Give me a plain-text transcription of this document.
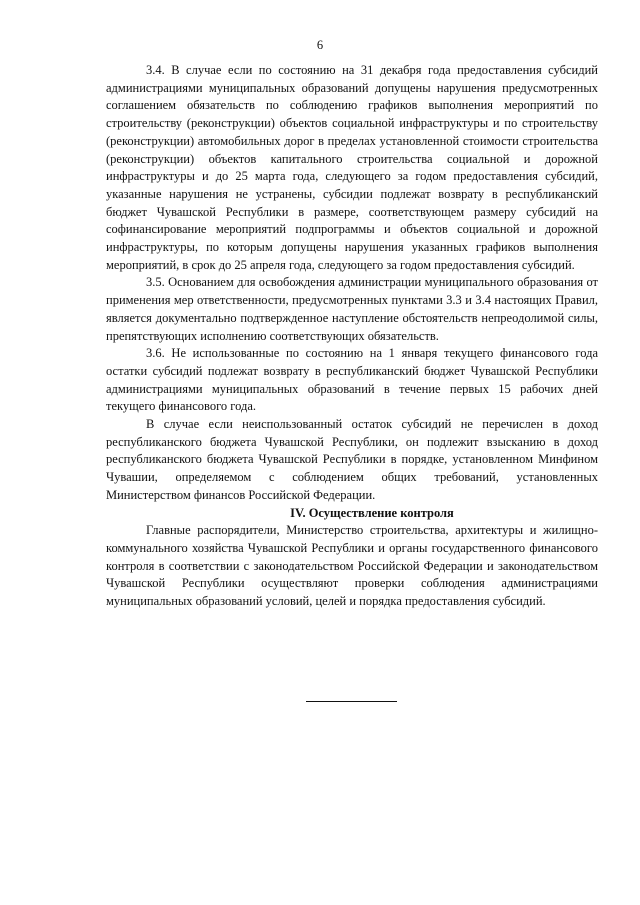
6

3.4. В случае если по состоянию на 31 декабря года предоставления субсидий администрациями муниципальных образований допущены нарушения предусмотренных соглашением обязательств по соблюдению графиков выполнения мероприятий по строительству (реконструкции) объектов социальной инфраструктуры и по строительству (реконструкции) автомобильных дорог в пределах установленной стоимости строительства (реконструкции) объектов капитального строительства социальной и дорожной инфраструктуры и до 25 марта года, следующего за годом предоставления субсидий, указанные нарушения не устранены, субсидии подлежат возврату в республиканский бюджет Чувашской Республики в размере, соответствующем размеру субсидий на софинансирование мероприятий подпрограммы и объектов социальной и дорожной инфраструктуры, по которым допущены нарушения указанных графиков выполнения мероприятий, в срок до 25 апреля года, следующего за годом предоставления субсидий.

3.5. Основанием для освобождения администрации муниципального образования от применения мер ответственности, предусмотренных пунктами 3.3 и 3.4 настоящих Правил, является документально подтвержденное наступление обстоятельств непреодолимой силы, препятствующих исполнению соответствующих обязательств.

3.6. Не использованные по состоянию на 1 января текущего финансового года остатки субсидий подлежат возврату в республиканский бюджет Чувашской Республики администрациями муниципальных образований в течение первых 15 рабочих дней текущего финансового года.

В случае если неиспользованный остаток субсидий не перечислен в доход республиканского бюджета Чувашской Республики, он подлежит взысканию в доход республиканского бюджета Чувашской Республики в порядке, установленном Минфином Чувашии, определяемом с соблюдением общих требований, установленных Министерством финансов Российской Федерации.

IV. Осуществление контроля

Главные распорядители, Министерство строительства, архитектуры и жилищно-коммунального хозяйства Чувашской Республики и органы государственного финансового контроля в соответствии с законодательством Российской Федерации и законодательством Чувашской Республики осуществляют проверки соблюдения администрациями муниципальных образований условий, целей и порядка предоставления субсидий.
